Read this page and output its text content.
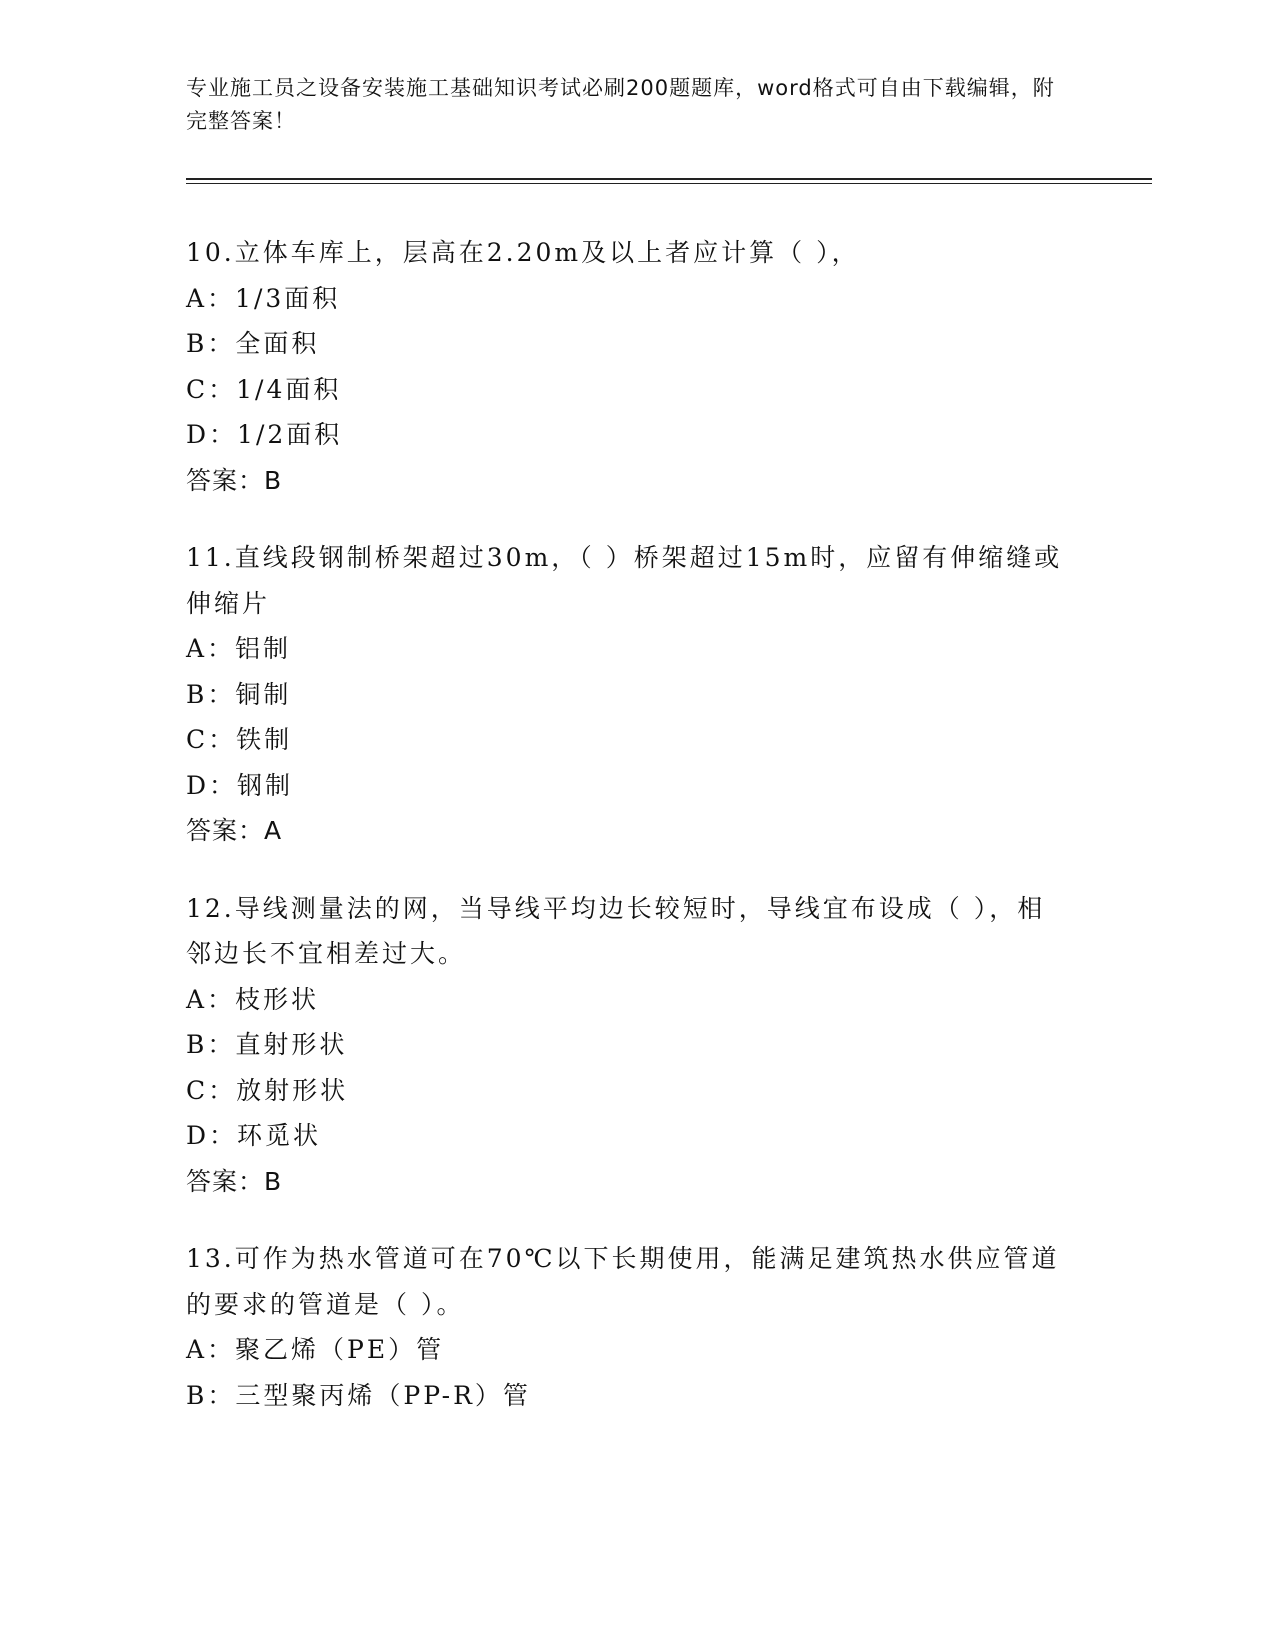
专业施工员之设备安装施工基础知识考试必刷200题题库，word格式可自由下载编辑，附完整答案！

10.立体车库上，层高在2.20m及以上者应计算（ ），

A：1/3面积

B：全面积

C：1/4面积

D：1/2面积

答案：B

11.直线段钢制桥架超过30m，（ ）桥架超过15m时，应留有伸缩缝或伸缩片

A：铝制

B：铜制

C：铁制

D：钢制

答案：A

12.导线测量法的网，当导线平均边长较短时，导线宜布设成（ ），相邻边长不宜相差过大。

A：枝形状

B：直射形状

C：放射形状

D：环觅状

答案：B

13.可作为热水管道可在70℃以下长期使用，能满足建筑热水供应管道的要求的管道是（ ）。

A：聚乙烯（PE）管

B：三型聚丙烯（PP-R）管
